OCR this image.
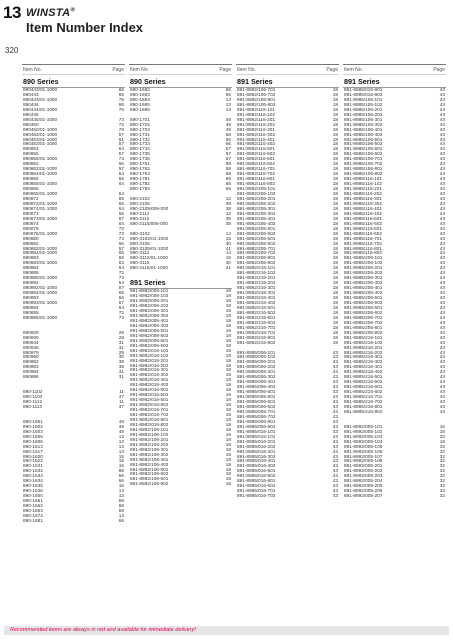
13
320
WINSTA®
Item Number Index
Item No.	Page
890 Series
890443/01-1000	65
890443	65
890443/01-1000	76
890444	66
890444/01-1000	76
890445
890445/01-1000	73
890450	72
890450/01-1000	79
890452/01-1000	57
890453/01-1000	61
890453/01-1000	57
890854	64
890855	67
890855/01-1000	73
890862	56
890862/01-1000	57
890864/01-1000	64
890865	56
890865/01-1000	64
890865
890865/01-1000	54
890872	55
890872/01-1000	65
890874/01-1000	64
890873	56
890873/01-1000	57
890874	64
890875	72
890875/01-1000	73
890880	73
890882	56
890882/01-1000	57
890884/01-1000	65
890883	56
890883/01-1000	63
890884	64
890885	72
890885/01-1000	73
890892	54
890892/01-1000	57
890894/01-1000	65
890893	56
890893/01-1000	57
890894	64
890895	72
890895/01-1000	73

890929	29
890930	29
890944	31
890945	31
890979	29
890980	30
890982	39
890983	38
890984	31
890995	31

890-1102	11
890-1103	37
890-1112	11
890-1113	37

890-1601	49
890-1602	49
890-1603	49
890-1605	13
890-1606	13
890-1613	13
890-1617	13
890-1620	15
890-1622	15
890-1631	16
890-1632	66
890-1633	66
890-1634	66
890-1635	16
890-1636	13
890-1660	13
890-1661	58
890-1662	58
890-1663	58
890-1672	13
890-1681	66
Item No.	Page
890 Series
890-1682	66
890-1683	66
890-1684	13
890-1685	13
890-1686	13

890-1701	49
890-1702	49
890-1703	49
890-1731	66
890-1732	66
890-1733	66
890-1734	67
890-1735	67
890-1736	67
890-1761	58
890-1762	58
890-1763	58
890-1781	66
890-1782	66
890-1783	66

890-2102	12
890-2105	38
890-2105/006-000	38
890-2112	12
890-2115	38
890-2115/006-000	38

890-3102	14
890-3102/01-1000	15
890-3105	40
890-3105/01-1000	41
890-3112	14
890-3112/01-1000	15
890-3115	40
890-3115/01-1000	41

891 Series
891-8982/006-101	18
891-8982/006-102	18
891-8982/006-201	18
891-8982/006-202	18
891-8982/006-301	18
891-8982/006-302	18
891-8982/006-401	18
891-8982/006-402	18
891-8982/006-501	18
891-8982/006-502	18
891-8982/006-601	18
891-8982/006-602	18
891-8982/016-101	18
891-8982/016-102	18
891-8982/016-201	18
891-8982/016-202	18
891-8982/016-301	18
891-8982/016-302	18
891-8982/016-401	18
891-8982/016-402	18
891-8982/016-501	18
891-8982/016-502	18
891-8982/016-601	18
891-8982/016-602	18
891-8982/016-701	18
891-8982/016-702	18
891-8982/016-801	18
891-8982/016-802	18
891-8982/106-101	18
891-8982/106-102	18
891-8982/106-201	18
891-8982/106-202	18
891-8982/106-301	18
891-8982/106-302	18
891-8982/106-401	18
891-8982/106-402	18
891-8982/106-501	18
891-8982/106-502	18
891-8982/106-601	18
891-8982/106-602	18
Item No.	Page
891 Series
891-8982/106-701	18
891-8982/106-702	18
891-8982/106-801	18
891-8982/106-802	18
891-8982/116-101	18
891-8982/116-102	18
891-8982/116-201	18
891-8982/116-202	18
891-8982/116-301	18
891-8982/116-302	18
891-8982/116-401	18
891-8982/116-402	18
891-8982/116-501	18
891-8982/116-502	18
891-8982/116-601	18
891-8982/116-602	18
891-8982/116-701	18
891-8982/116-702	18
891-8982/116-801	18
891-8982/116-802	18
891-8982/206-101	18
891-8982/206-102	18
891-8982/206-201	18
891-8982/206-202	18
891-8982/206-301	18
891-8982/206-302	18
891-8982/206-401	18
891-8982/206-402	18
891-8982/206-501	18
891-8982/206-502	18
891-8982/206-601	18
891-8982/206-602	18
891-8982/206-701	18
891-8982/206-702	18
891-8982/206-801	18
891-8982/206-802	18
891-8982/216-101	18
891-8982/216-102	18
891-8982/216-201	18
891-8982/216-202	18
891-8982/216-301	18
891-8982/216-302	18
891-8982/216-401	18
891-8982/216-402	18
891-8982/216-501	18
891-8982/216-502	18
891-8982/216-601	18
891-8982/216-602	18
891-8982/216-701	18
891-8982/216-702	18
891-8982/216-801	18
891-8982/216-802	18

891-8985/006-101	43
891-8985/006-102	43
891-8985/006-201	43
891-8985/006-202	43
891-8985/006-301	43
891-8985/006-302	43
891-8985/006-401	43
891-8985/006-402	43
891-8985/006-501	43
891-8985/006-502	43
891-8985/006-601	43
891-8985/006-602	43
891-8985/006-701	43
891-8985/006-702	43
891-8985/006-801	43
891-8985/006-802	43
891-8985/016-101	43
891-8985/016-102	43
891-8985/016-201	43
891-8985/016-202	43
891-8985/016-301	43
891-8985/016-302	43
891-8985/016-401	43
891-8985/016-402	43
891-8985/016-501	43
891-8985/016-502	43
891-8985/016-601	43
891-8985/016-602	43
891-8985/016-701	43
891-8985/016-702	43
Item No.	Page
891 Series
891-8985/016-801	43
891-8985/016-802	43
891-8985/106-101	43
891-8985/106-102	43
891-8985/106-201	43
891-8985/106-202	43
891-8985/106-301	43
891-8985/106-302	43
891-8985/106-401	43
891-8985/106-402	43
891-8985/106-501	43
891-8985/106-502	43
891-8985/106-601	43
891-8985/106-602	43
891-8985/106-701	43
891-8985/106-702	43
891-8985/106-801	43
891-8985/106-802	43
891-8985/116-101	43
891-8985/116-102	43
891-8985/116-201	43
891-8985/116-202	43
891-8985/116-301	43
891-8985/116-302	43
891-8985/116-401	43
891-8985/116-402	43
891-8985/116-501	43
891-8985/116-502	43
891-8985/116-601	43
891-8985/116-602	43
891-8985/116-701	43
891-8985/116-702	43
891-8985/116-801	43
891-8985/116-802	43
891-8985/206-101	43
891-8985/206-102	43
891-8985/206-201	43
891-8985/206-202	43
891-8985/206-301	43
891-8985/206-302	43
891-8985/206-401	43
891-8985/206-402	43
891-8985/206-501	43
891-8985/206-502	43
891-8985/206-601	43
891-8985/206-602	43
891-8985/206-701	43
891-8985/206-702	43
891-8985/206-801	43
891-8985/206-802	43
891-8985/216-101	43
891-8985/216-102	43
891-8985/216-201	43
891-8985/216-202	43
891-8985/216-301	43
891-8985/216-302	43
891-8985/216-401	43
891-8985/216-402	43
891-8985/216-501	43
891-8985/216-502	43
891-8985/216-601	43
891-8985/216-602	43
891-8985/216-701	43
891-8985/216-702	43
891-8985/216-801	43
891-8985/216-802	43

891-8992/005-101	16
891-8992/005-102	16
891-8992/005-103	32
891-8992/005-104	16
891-8992/005-105	32
891-8992/005-106	32
891-8992/005-107	32
891-8992/005-108	32
891-8992/005-201	32
891-8992/005-202	32
891-8992/005-203	32
891-8992/005-204	32
891-8992/005-205	32
891-8992/005-206	32
891-8992/005-207	32
Recommended items are always in red and available for immediate delivery!
